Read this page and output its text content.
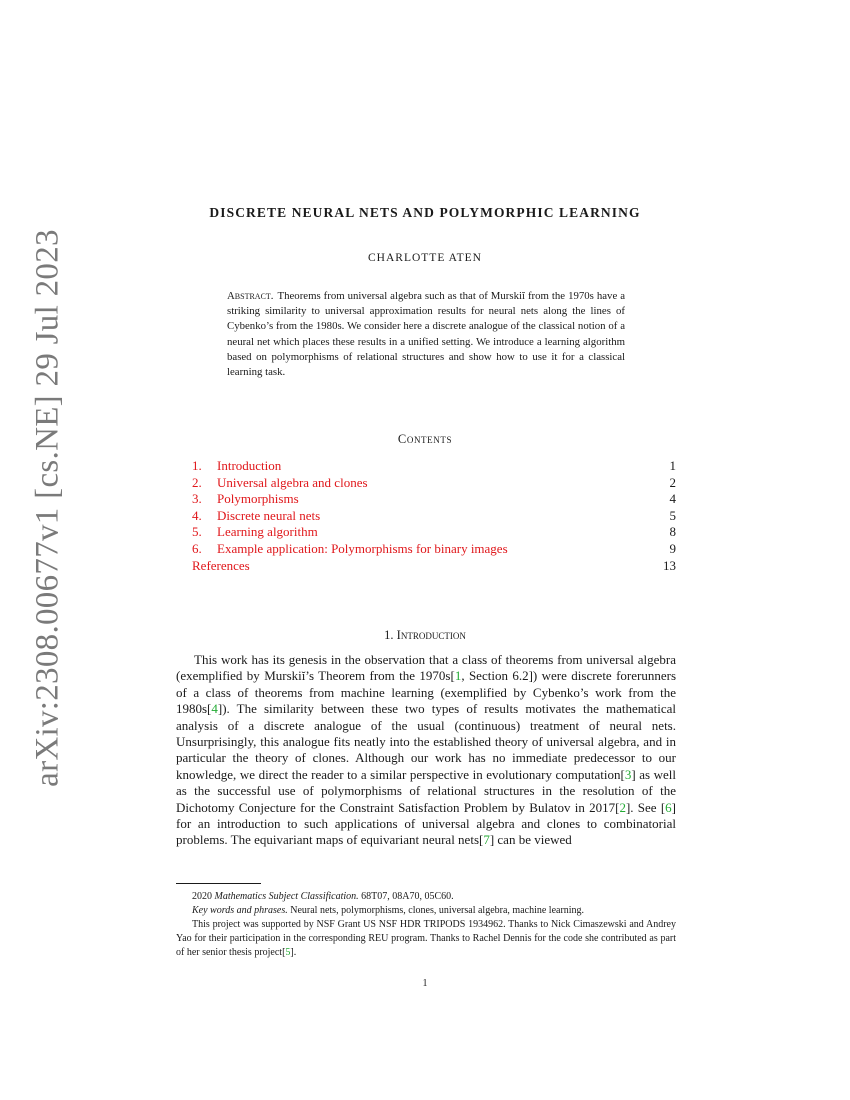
arXiv:2308.00677v1 [cs.NE] 29 Jul 2023
DISCRETE NEURAL NETS AND POLYMORPHIC LEARNING
CHARLOTTE ATEN
Abstract. Theorems from universal algebra such as that of Murskiĭ from the 1970s have a striking similarity to universal approximation results for neural nets along the lines of Cybenko’s from the 1980s. We consider here a discrete analogue of the classical notion of a neural net which places these results in a unified setting. We introduce a learning algorithm based on polymorphisms of relational structures and show how to use it for a classical learning task.
Contents
1.	Introduction	1
2.	Universal algebra and clones	2
3.	Polymorphisms	4
4.	Discrete neural nets	5
5.	Learning algorithm	8
6.	Example application: Polymorphisms for binary images	9
References	13
1. Introduction

This work has its genesis in the observation that a class of theorems from universal algebra (exemplified by Murskiĭ’s Theorem from the 1970s[1, Section 6.2]) were discrete forerunners of a class of theorems from machine learning (exemplified by Cybenko’s work from the 1980s[4]). The similarity between these two types of results motivates the mathematical analysis of a discrete analogue of the usual (continuous) treatment of neural nets. Unsurprisingly, this analogue fits neatly into the established theory of universal algebra, and in particular the theory of clones. Although our work has no immediate predecessor to our knowledge, we direct the reader to a similar perspective in evolutionary computation[3] as well as the successful use of polymorphisms of relational structures in the resolution of the Dichotomy Conjecture for the Constraint Satisfaction Problem by Bulatov in 2017[2]. See [6] for an introduction to such applications of universal algebra and clones to combinatorial problems. The equivariant maps of equivariant neural nets[7] can be viewed

2020 Mathematics Subject Classification. 68T07, 08A70, 05C60.

Key words and phrases. Neural nets, polymorphisms, clones, universal algebra, machine learning.

This project was supported by NSF Grant US NSF HDR TRIPODS 1934962. Thanks to Nick Cimaszewski and Andrey Yao for their participation in the corresponding REU program. Thanks to Rachel Dennis for the code she contributed as part of her senior thesis project[5].

1
